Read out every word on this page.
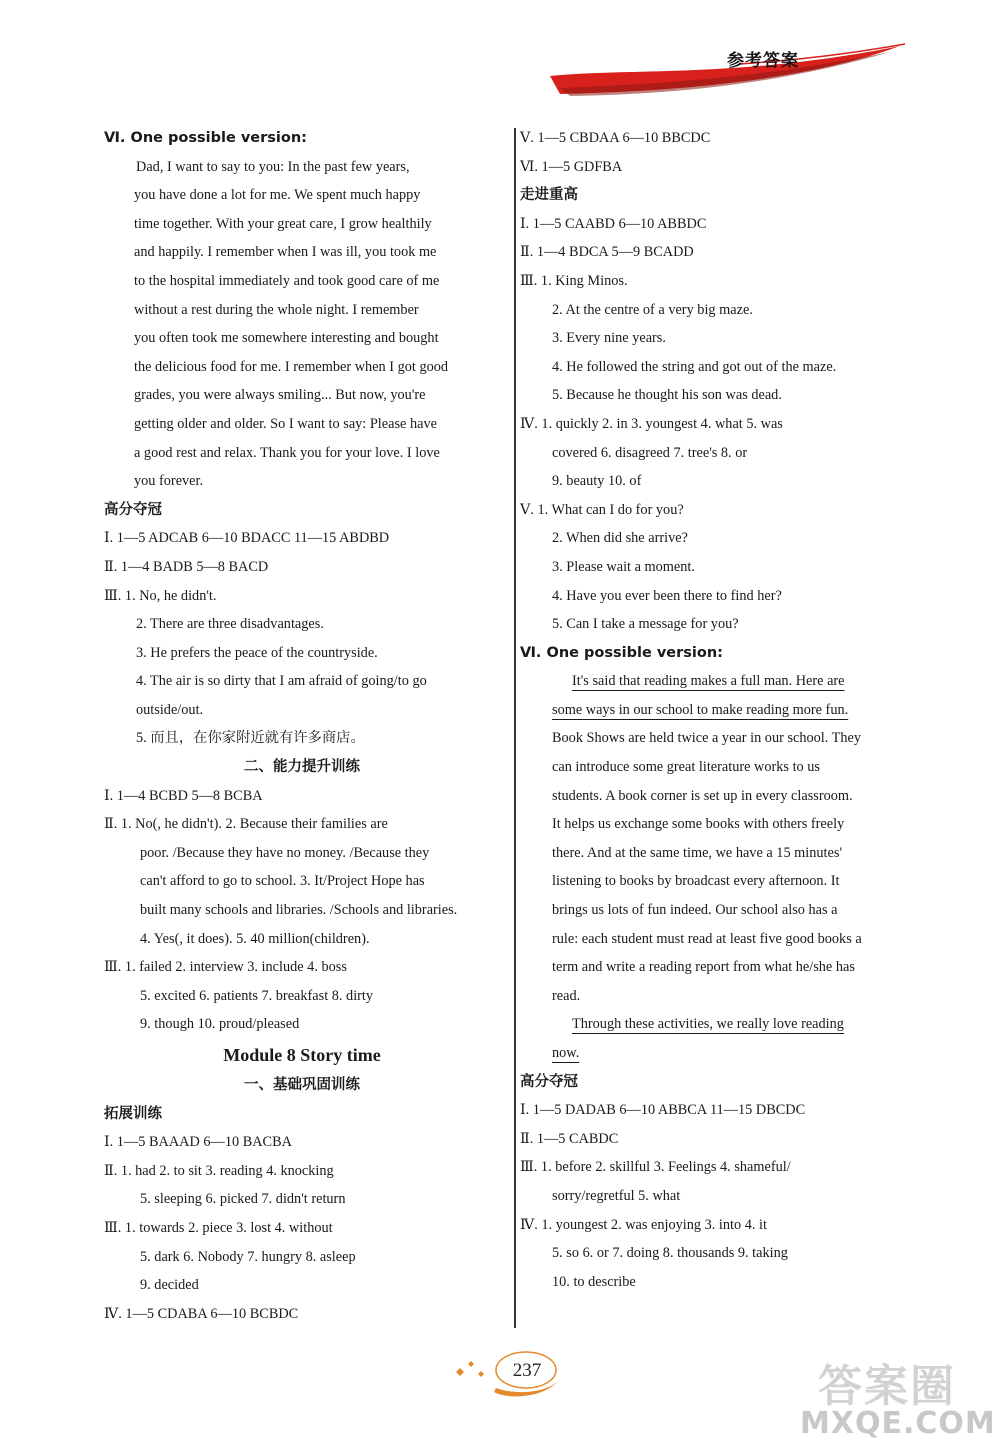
参考答案
Ⅵ. One possible version:
Dad, I want to say to you: In the past few years,
you have done a lot for me. We spent much happy
time together. With your great care, I grow healthily
and happily. I remember when I was ill, you took me
to the hospital immediately and took good care of me
without a rest during the whole night. I remember
you often took me somewhere interesting and bought
the delicious food for me. I remember when I got good
grades, you were always smiling... But now, you're
getting older and older. So I want to say: Please have
a good rest and relax. Thank you for your love. I love
you forever.
高分夺冠
Ⅰ. 1—5 ADCAB 6—10 BDACC 11—15 ABDBD
Ⅱ. 1—4 BADB 5—8 BACD
Ⅲ. 1. No, he didn't.
2. There are three disadvantages.
3. He prefers the peace of the countryside.
4. The air is so dirty that I am afraid of going/to go
outside/out.
5. 而且，在你家附近就有许多商店。
二、能力提升训练
Ⅰ. 1—4 BCBD 5—8 BCBA
Ⅱ. 1. No(, he didn't). 2. Because their families are
poor. /Because they have no money. /Because they
can't afford to go to school. 3. It/Project Hope has
built many schools and libraries. /Schools and libraries.
4. Yes(, it does). 5. 40 million(children).
Ⅲ. 1. failed 2. interview 3. include 4. boss
5. excited 6. patients 7. breakfast 8. dirty
9. though 10. proud/pleased
Module 8 Story time
一、基础巩固训练
拓展训练
Ⅰ. 1—5 BAAAD 6—10 BACBA
Ⅱ. 1. had 2. to sit 3. reading 4. knocking
5. sleeping 6. picked 7. didn't return
Ⅲ. 1. towards 2. piece 3. lost 4. without
5. dark 6. Nobody 7. hungry 8. asleep
9. decided
Ⅳ. 1—5 CDABA 6—10 BCBDC
Ⅴ. 1—5 CBDAA 6—10 BBCDC
Ⅵ. 1—5 GDFBA
走进重高
Ⅰ. 1—5 CAABD 6—10 ABBDC
Ⅱ. 1—4 BDCA 5—9 BCADD
Ⅲ. 1. King Minos.
2. At the centre of a very big maze.
3. Every nine years.
4. He followed the string and got out of the maze.
5. Because he thought his son was dead.
Ⅳ. 1. quickly 2. in 3. youngest 4. what 5. was
covered 6. disagreed 7. tree's 8. or
9. beauty 10. of
Ⅴ. 1. What can I do for you?
2. When did she arrive?
3. Please wait a moment.
4. Have you ever been there to find her?
5. Can I take a message for you?
Ⅵ. One possible version:
It's said that reading makes a full man. Here are
some ways in our school to make reading more fun.
Book Shows are held twice a year in our school. They
can introduce some great literature works to us
students. A book corner is set up in every classroom.
It helps us exchange some books with others freely
there. And at the same time, we have a 15 minutes'
listening to books by broadcast every afternoon. It
brings us lots of fun indeed. Our school also has a
rule: each student must read at least five good books a
term and write a reading report from what he/she has
read.
Through these activities, we really love reading
now.
高分夺冠
Ⅰ. 1—5 DADAB 6—10 ABBCA 11—15 DBCDC
Ⅱ. 1—5 CABDC
Ⅲ. 1. before 2. skillful 3. Feelings 4. shameful/
sorry/regretful 5. what
Ⅳ. 1. youngest 2. was enjoying 3. into 4. it
5. so 6. or 7. doing 8. thousands 9. taking
10. to describe
237	答案圈
MXQE.COM
